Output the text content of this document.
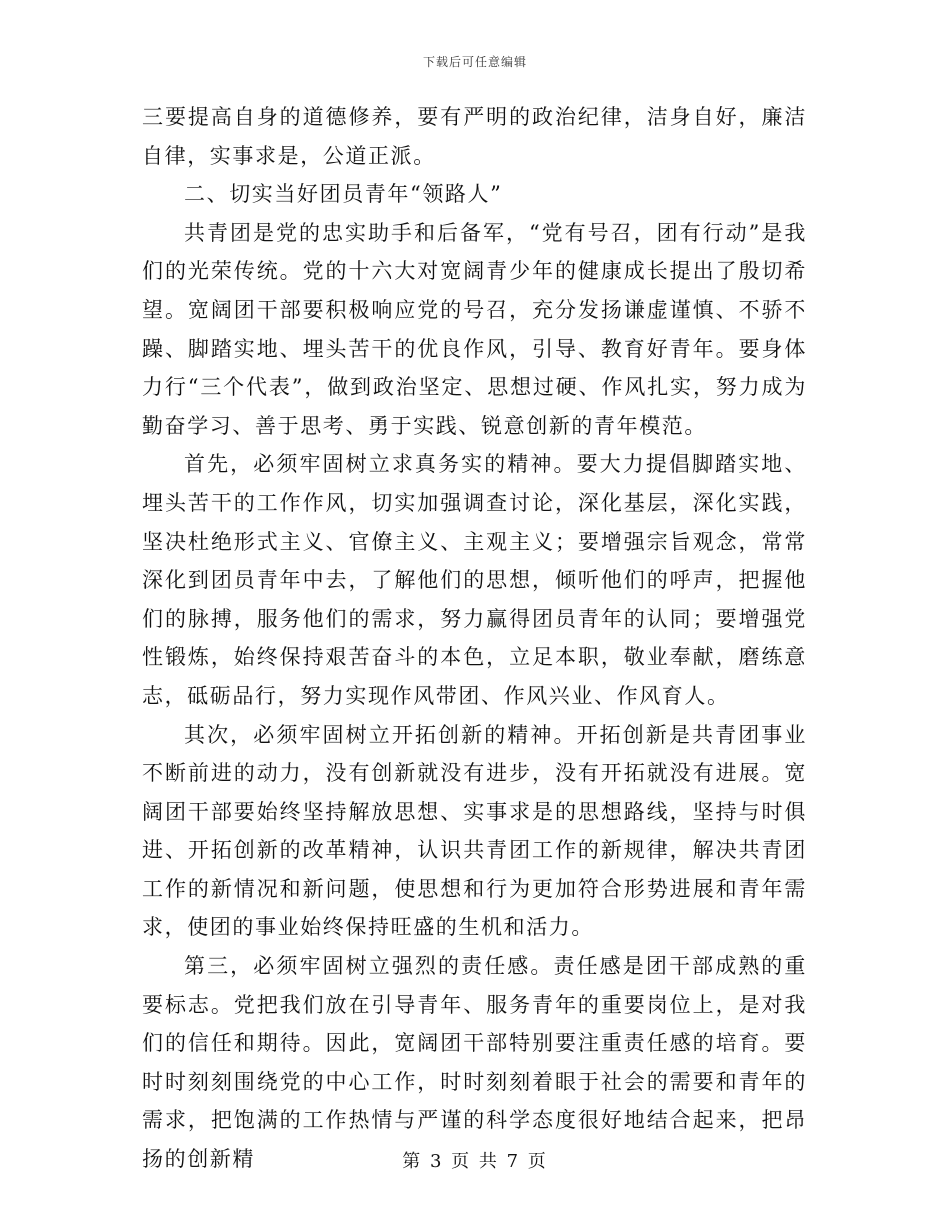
下载后可任意编辑

三要提高自身的道德修养，要有严明的政治纪律，洁身自好，廉洁自律，实事求是，公道正派。

二、切实当好团员青年“领路人”

共青团是党的忠实助手和后备军，“党有号召，团有行动”是我们的光荣传统。党的十六大对宽阔青少年的健康成长提出了殷切希望。宽阔团干部要积极响应党的号召，充分发扬谦虚谨慎、不骄不躁、脚踏实地、埋头苦干的优良作风，引导、教育好青年。要身体力行“三个代表”，做到政治坚定、思想过硬、作风扎实，努力成为勤奋学习、善于思考、勇于实践、锐意创新的青年模范。

首先，必须牢固树立求真务实的精神。要大力提倡脚踏实地、埋头苦干的工作作风，切实加强调查讨论，深化基层，深化实践，坚决杜绝形式主义、官僚主义、主观主义；要增强宗旨观念，常常深化到团员青年中去，了解他们的思想，倾听他们的呼声，把握他们的脉搏，服务他们的需求，努力赢得团员青年的认同；要增强党性锻炼，始终保持艰苦奋斗的本色，立足本职，敬业奉献，磨练意志，砥砺品行，努力实现作风带团、作风兴业、作风育人。

其次，必须牢固树立开拓创新的精神。开拓创新是共青团事业不断前进的动力，没有创新就没有进步，没有开拓就没有进展。宽阔团干部要始终坚持解放思想、实事求是的思想路线，坚持与时俱进、开拓创新的改革精神，认识共青团工作的新规律，解决共青团工作的新情况和新问题，使思想和行为更加符合形势进展和青年需求，使团的事业始终保持旺盛的生机和活力。

第三，必须牢固树立强烈的责任感。责任感是团干部成熟的重要标志。党把我们放在引导青年、服务青年的重要岗位上，是对我们的信任和期待。因此，宽阔团干部特别要注重责任感的培育。要时时刻刻围绕党的中心工作，时时刻刻着眼于社会的需要和青年的需求，把饱满的工作热情与严谨的科学态度很好地结合起来，把昂扬的创新精	第 3 页 共 7 页
